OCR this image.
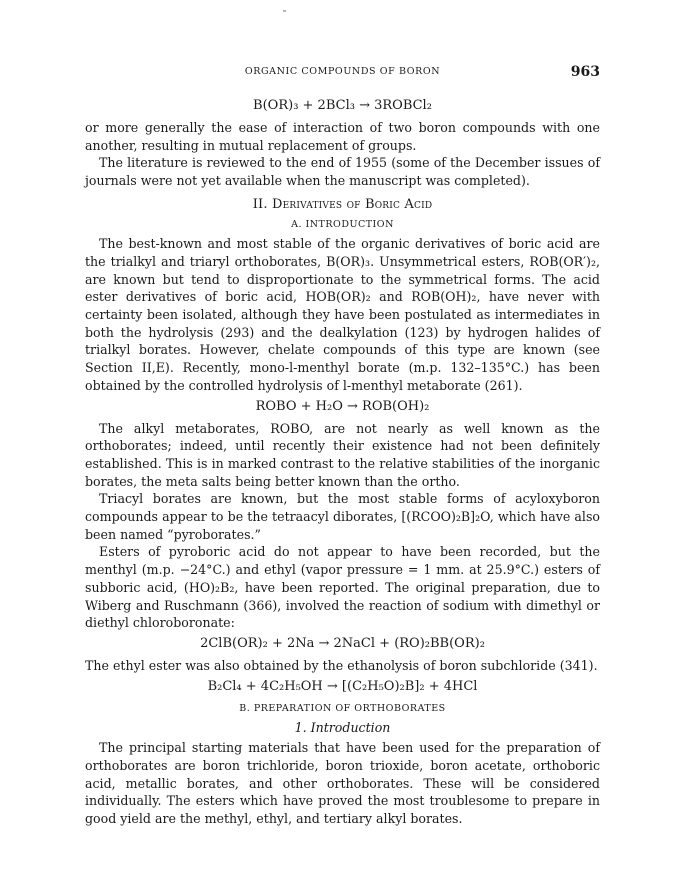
ORGANIC COMPOUNDS OF BORON	963
B(OR)₃ + 2BCl₃ → 3ROBCl₂

or more generally the ease of interaction of two boron compounds with one another, resulting in mutual replacement of groups.

The literature is reviewed to the end of 1955 (some of the December issues of journals were not yet available when the manuscript was completed).

II. Derivatives of Boric Acid
A. INTRODUCTION

The best-known and most stable of the organic derivatives of boric acid are the trialkyl and triaryl orthoborates, B(OR)₃. Unsymmetrical esters, ROB(OR′)₂, are known but tend to disproportionate to the symmetrical forms. The acid ester derivatives of boric acid, HOB(OR)₂ and ROB(OH)₂, have never with certainty been isolated, although they have been postulated as intermediates in both the hydrolysis (293) and the dealkylation (123) by hydrogen halides of trialkyl borates. However, chelate compounds of this type are known (see Section II,E). Recently, mono-l-menthyl borate (m.p. 132–135°C.) has been obtained by the controlled hydrolysis of l-menthyl metaborate (261).

ROBO + H₂O → ROB(OH)₂

The alkyl metaborates, ROBO, are not nearly as well known as the orthoborates; indeed, until recently their existence had not been definitely established. This is in marked contrast to the relative stabilities of the inorganic borates, the meta salts being better known than the ortho.

Triacyl borates are known, but the most stable forms of acyloxyboron compounds appear to be the tetraacyl diborates, [(RCOO)₂B]₂O, which have also been named “pyroborates.”

Esters of pyroboric acid do not appear to have been recorded, but the menthyl (m.p. −24°C.) and ethyl (vapor pressure = 1 mm. at 25.9°C.) esters of subboric acid, (HO)₂B₂, have been reported. The original preparation, due to Wiberg and Ruschmann (366), involved the reaction of sodium with dimethyl or diethyl chloroboronate:

2ClB(OR)₂ + 2Na → 2NaCl + (RO)₂BB(OR)₂

The ethyl ester was also obtained by the ethanolysis of boron subchloride (341).

B₂Cl₄ + 4C₂H₅OH → [(C₂H₅O)₂B]₂ + 4HCl
B. PREPARATION OF ORTHOBORATES
1. Introduction

The principal starting materials that have been used for the preparation of orthoborates are boron trichloride, boron trioxide, boron acetate, orthoboric acid, metallic borates, and other orthoborates. These will be considered individually. The esters which have proved the most troublesome to prepare in good yield are the methyl, ethyl, and tertiary alkyl borates.
